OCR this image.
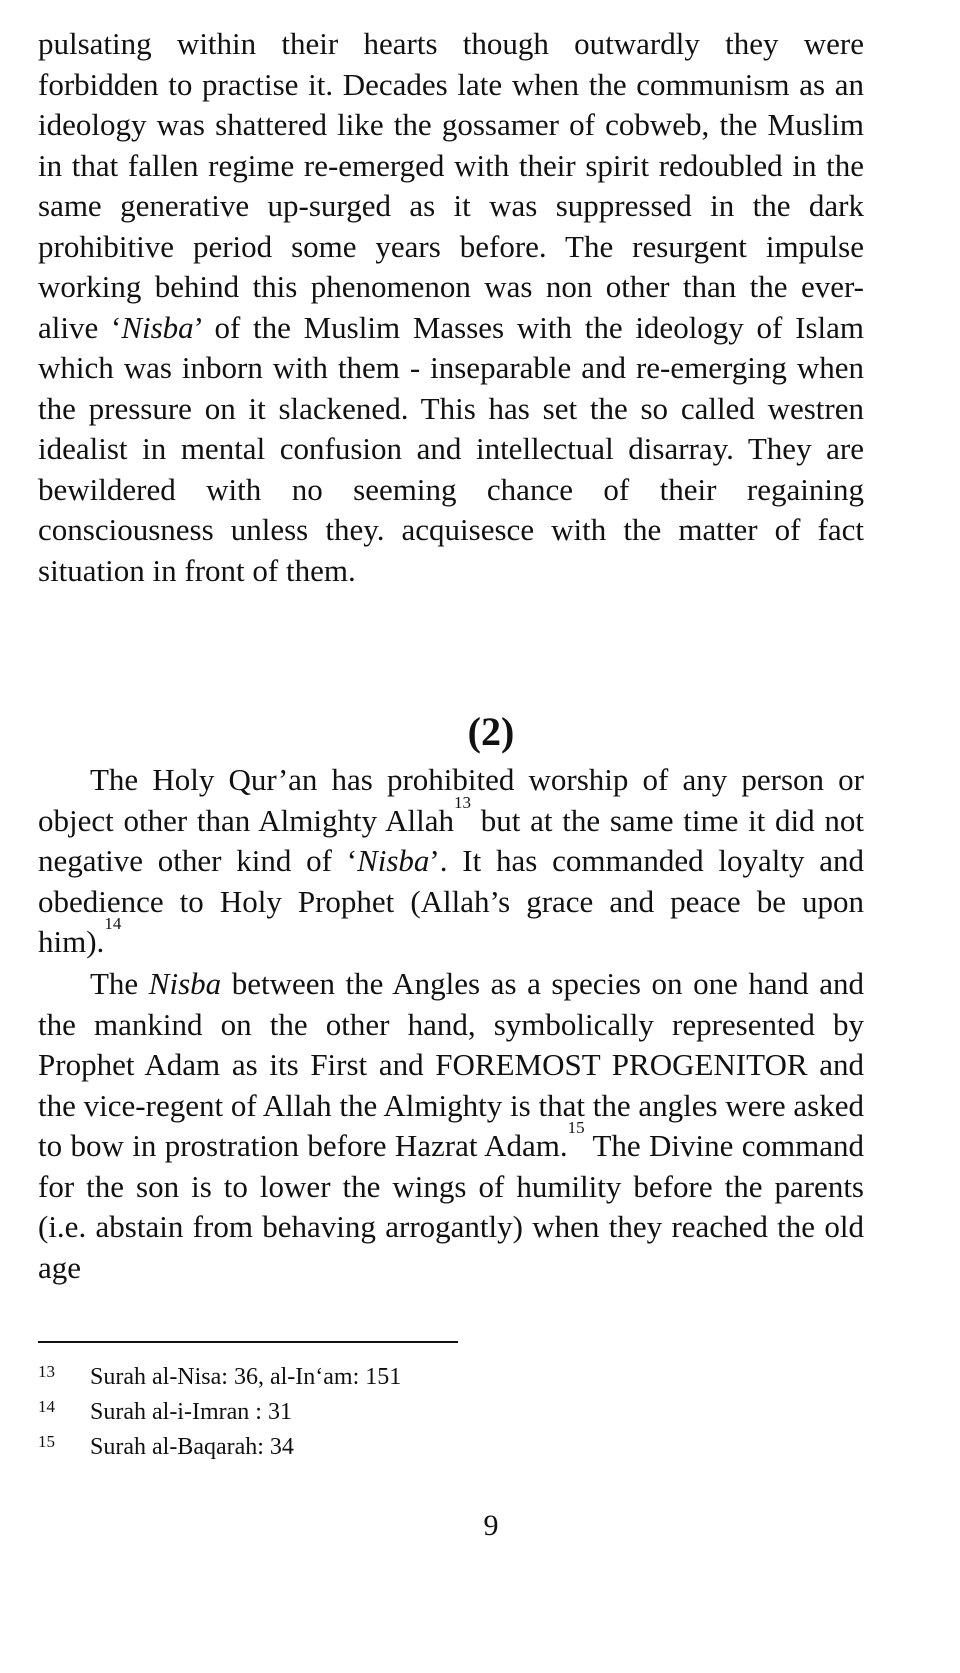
pulsating within their hearts though outwardly they were forbidden to practise it. Decades late when the communism as an ideology was shattered like the gossamer of cobweb, the Muslim in that fallen regime re-emerged with their spirit redoubled in the same generative up-surged as it was suppressed in the dark prohibitive period some years before. The resurgent impulse working behind this phenomenon was non other than the ever-alive ‘Nisba’ of the Muslim Masses with the ideology of Islam which was inborn with them - inseparable and re-emerging when the pressure on it slackened. This has set the so called westren idealist in mental confusion and intellectual disarray. They are bewildered with no seeming chance of their regaining consciousness unless they. acquisesce with the matter of fact situation in front of them.

(2)

The Holy Qur’an has prohibited worship of any person or object other than Almighty Allah$^{13}$ but at the same time it did not negative other kind of ‘Nisba’. It has commanded loyalty and obedience to Holy Prophet (Allah’s grace and peace be upon him).$^{14}$

The Nisba between the Angles as a species on one hand and the mankind on the other hand, symbolically represented by Prophet Adam as its First and FOREMOST PROGENITOR and the vice-regent of Allah the Almighty is that the angles were asked to bow in prostration before Hazrat Adam.$^{15}$ The Divine command for the son is to lower the wings of humility before the parents (i.e. abstain from behaving arrogantly) when they reached the old age

13	Surah al-Nisa: 36, al-In‘am: 151
14	Surah al-i-Imran : 31
15	Surah al-Baqarah: 34

9
